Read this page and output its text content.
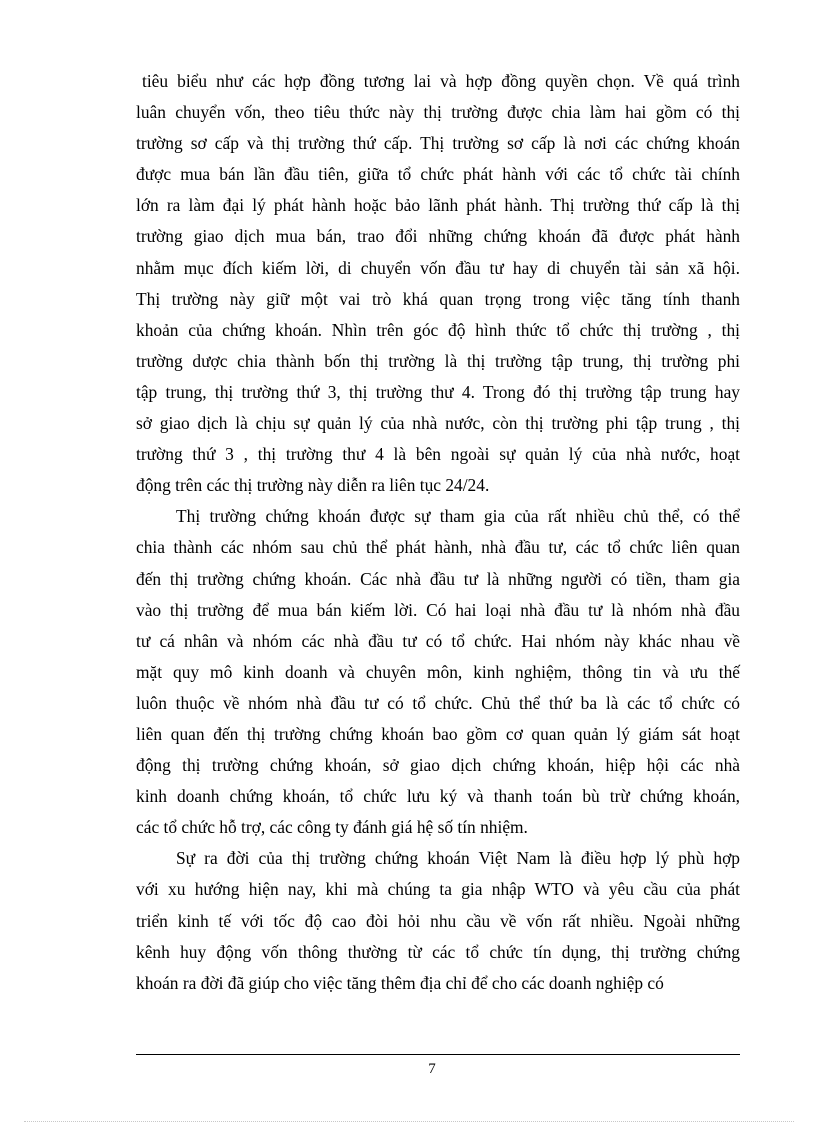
tiêu biểu như các hợp đồng tương lai và hợp đồng quyền chọn. Về quá trình
luân chuyển vốn, theo tiêu thức này thị trường được chia làm hai gồm có thị
trường sơ cấp và thị trường thứ cấp. Thị trường sơ cấp là nơi các chứng khoán
được mua bán lần đầu tiên, giữa tổ chức phát hành với các tổ chức tài chính
lớn ra làm đại lý phát hành hoặc bảo lãnh phát hành. Thị trường thứ cấp là thị
trường giao dịch mua bán, trao đổi những chứng khoán đã được phát hành
nhằm mục đích kiếm lời, di chuyển vốn đầu tư hay di chuyển tài sản xã hội.
Thị trường này giữ một vai trò khá quan trọng trong việc tăng tính thanh
khoản của chứng khoán. Nhìn trên góc độ hình thức tổ chức thị trường , thị
trường dược chia thành bốn thị trường là thị trường tập trung, thị trường phi
tập trung, thị trường thứ 3, thị trường thư 4. Trong đó thị trường tập trung hay
sở giao dịch là chịu sự quản lý của nhà nước, còn thị trường phi tập trung , thị
trường thứ 3 , thị trường thư 4 là bên ngoài sự quản lý của nhà nước, hoạt
động trên các thị trường này diễn ra liên tục 24/24.
Thị trường chứng khoán được sự tham gia của rất nhiều chủ thể, có thể
chia thành các nhóm sau chủ thể phát hành, nhà đầu tư, các tổ chức liên quan
đến thị trường chứng khoán. Các nhà đầu tư là những người có tiền, tham gia
vào thị trường để mua bán kiếm lời. Có hai loại nhà đầu tư là nhóm nhà đầu
tư cá nhân và nhóm các nhà đầu tư có tổ chức. Hai nhóm này khác nhau về
mặt quy mô kinh doanh và chuyên môn, kinh nghiệm, thông tin và ưu thế
luôn thuộc về nhóm nhà đầu tư có tổ chức. Chủ thể thứ ba là các tổ chức có
liên quan đến thị trường chứng khoán bao gồm cơ quan quản lý giám sát hoạt
động thị trường chứng khoán, sở giao dịch chứng khoán, hiệp hội các nhà
kinh doanh chứng khoán, tổ chức lưu ký và thanh toán bù trừ chứng khoán,
các tổ chức hỗ trợ, các công ty đánh giá hệ số tín nhiệm.
Sự ra đời của thị trường chứng khoán Việt Nam là điều hợp lý phù hợp
với xu hướng hiện nay, khi mà chúng ta gia nhập WTO và yêu cầu của phát
triển kinh tế với tốc độ cao đòi hỏi nhu cầu về vốn rất nhiều. Ngoài những
kênh huy động vốn thông thường từ các tổ chức tín dụng, thị trường chứng
khoán ra đời đã giúp cho việc tăng thêm địa chỉ để cho các doanh nghiệp có
7
